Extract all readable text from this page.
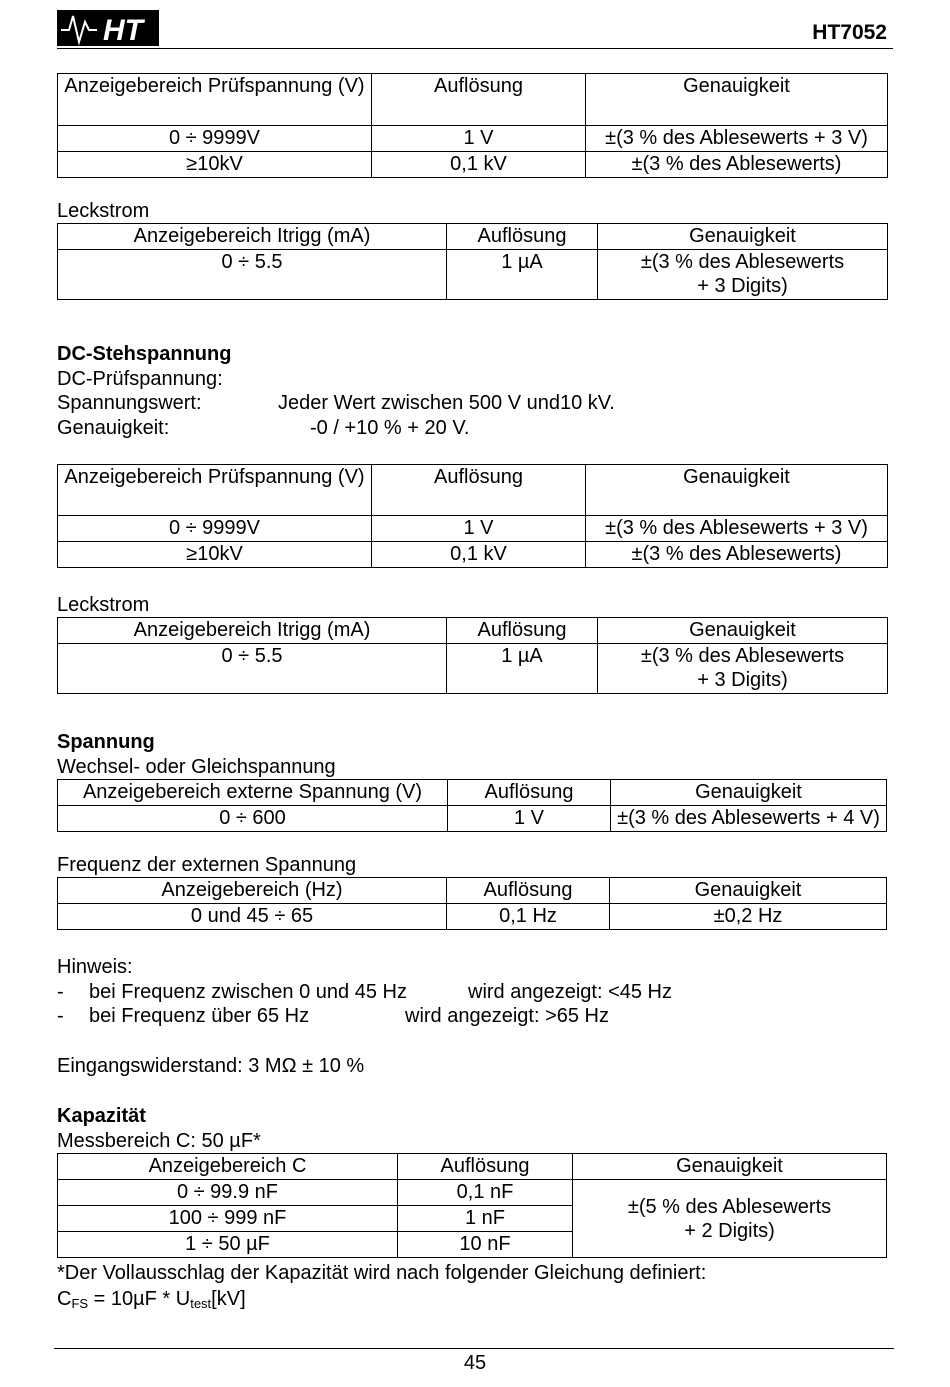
HT	HT7052
Anzeigebereich Prüfspannung (V)	Auflösung	Genauigkeit
0 ÷ 9999V	1 V	±(3 % des Ablesewerts + 3 V)
≥10kV	0,1 kV	±(3 % des Ablesewerts)
Leckstrom
Anzeigebereich Itrigg (mA)	Auflösung	Genauigkeit
0 ÷ 5.5	1 µA	±(3 % des Ablesewerts
+ 3 Digits)
DC-Stehspannung
DC-Prüfspannung:
Spannungswert:	Jeder Wert zwischen 500 V und10 kV.
Genauigkeit:	-0 / +10 % + 20 V.
Anzeigebereich Prüfspannung (V)	Auflösung	Genauigkeit
0 ÷ 9999V	1 V	±(3 % des Ablesewerts + 3 V)
≥10kV	0,1 kV	±(3 % des Ablesewerts)
Leckstrom
Anzeigebereich Itrigg (mA)	Auflösung	Genauigkeit
0 ÷ 5.5	1 µA	±(3 % des Ablesewerts
+ 3 Digits)
Spannung
Wechsel- oder Gleichspannung
Anzeigebereich externe Spannung (V)	Auflösung	Genauigkeit
0 ÷ 600	1 V	±(3 % des Ablesewerts + 4 V)
Frequenz der externen Spannung
Anzeigebereich (Hz)	Auflösung	Genauigkeit
0 und 45 ÷ 65	0,1 Hz	±0,2 Hz
Hinweis:
- bei Frequenz zwischen 0 und 45 Hz	wird angezeigt: <45 Hz
- bei Frequenz über 65 Hz	wird angezeigt: >65 Hz
Eingangswiderstand: 3 MΩ ± 10 %
Kapazität
Messbereich C: 50 µF*
Anzeigebereich C	Auflösung	Genauigkeit
0 ÷ 99.9 nF	0,1 nF	±(5 % des Ablesewerts
+ 2 Digits)

100 ÷ 999 nF	1 nF	
1 ÷ 50 µF	10 nF	
*Der Vollausschlag der Kapazität wird nach folgender Gleichung definiert:
$C_{FS} = 10\mu F * U_{test}[kV]$
45
